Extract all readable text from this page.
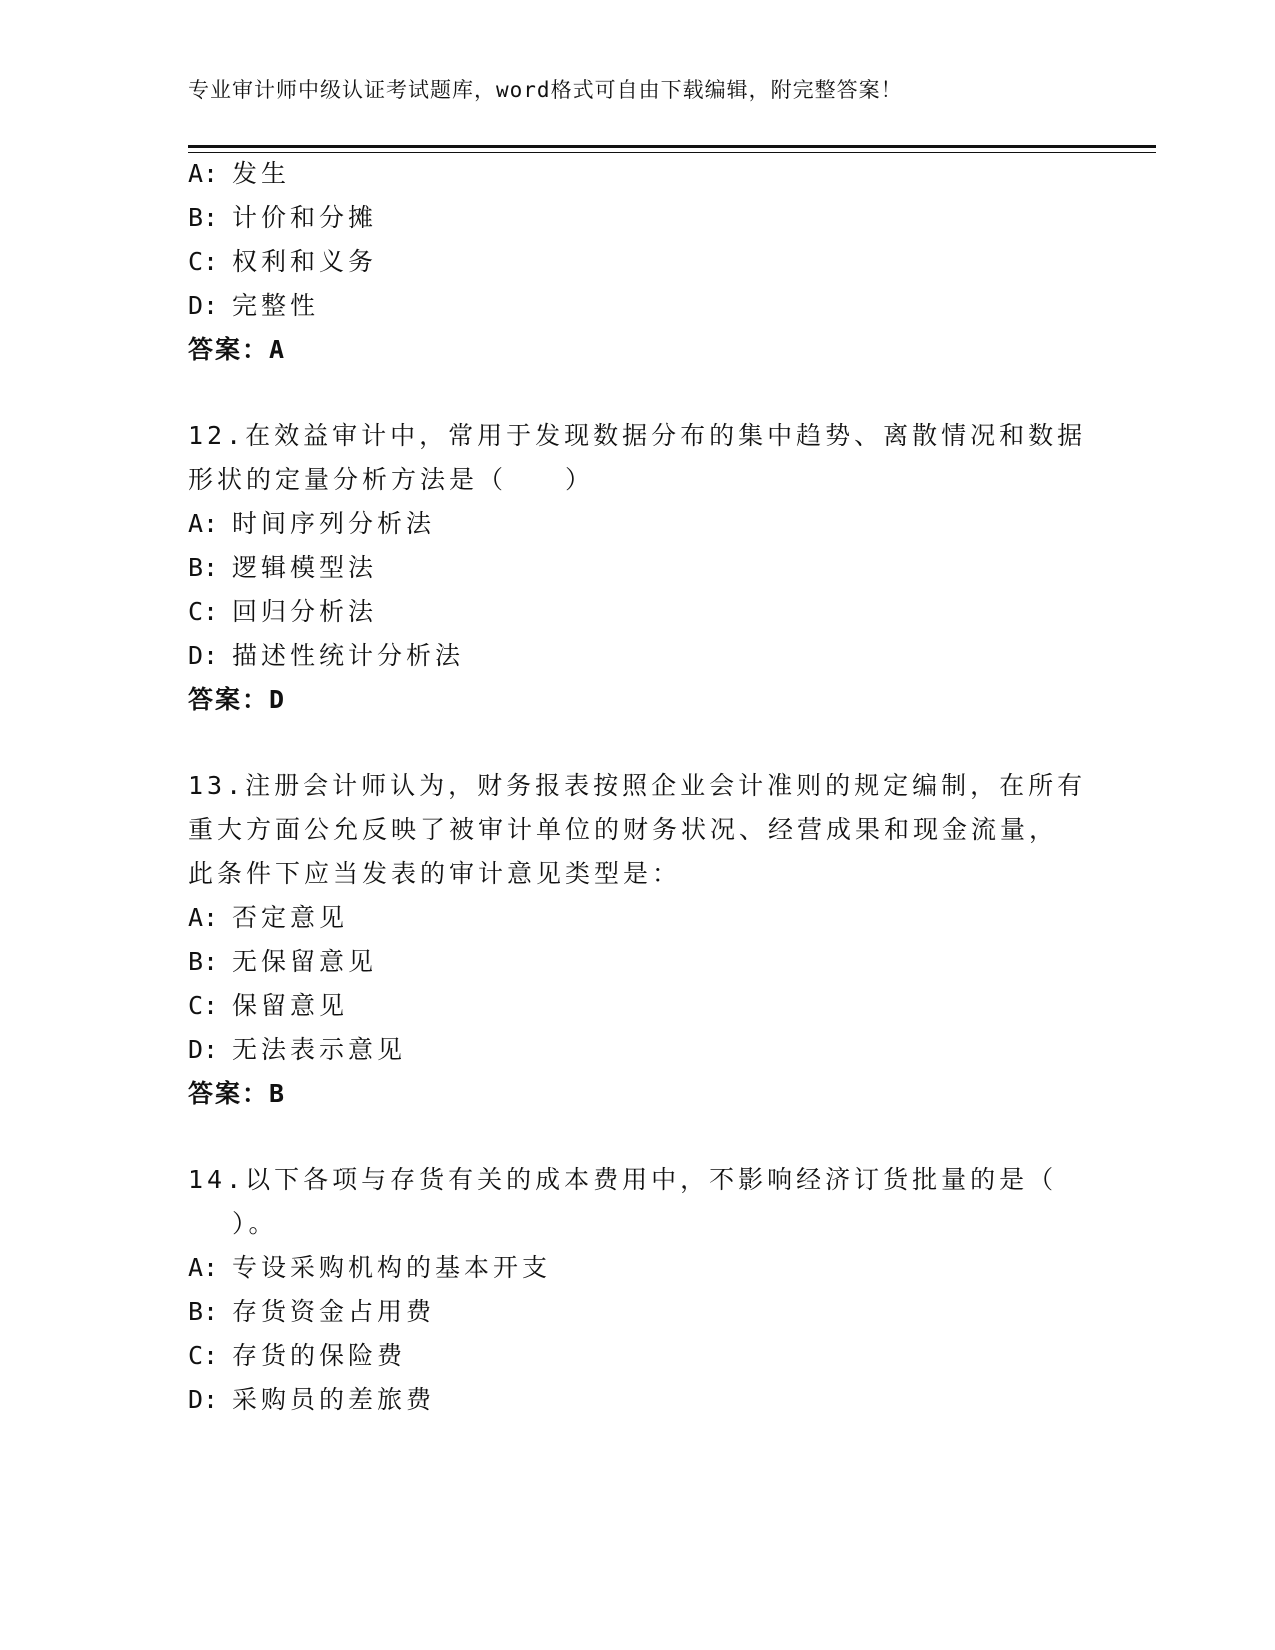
专业审计师中级认证考试题库，word格式可自由下载编辑，附完整答案！
A: 发生
B: 计价和分摊
C: 权利和义务
D: 完整性
答案：A
12.在效益审计中，常用于发现数据分布的集中趋势、离散情况和数据
形状的定量分析方法是（　　）
A: 时间序列分析法
B: 逻辑模型法
C: 回归分析法
D: 描述性统计分析法
答案：D
13.注册会计师认为，财务报表按照企业会计准则的规定编制，在所有
重大方面公允反映了被审计单位的财务状况、经营成果和现金流量，
此条件下应当发表的审计意见类型是：
A: 否定意见
B: 无保留意见
C: 保留意见
D: 无法表示意见
答案：B
14.以下各项与存货有关的成本费用中，不影响经济订货批量的是（
）。
A: 专设采购机构的基本开支
B: 存货资金占用费
C: 存货的保险费
D: 采购员的差旅费
